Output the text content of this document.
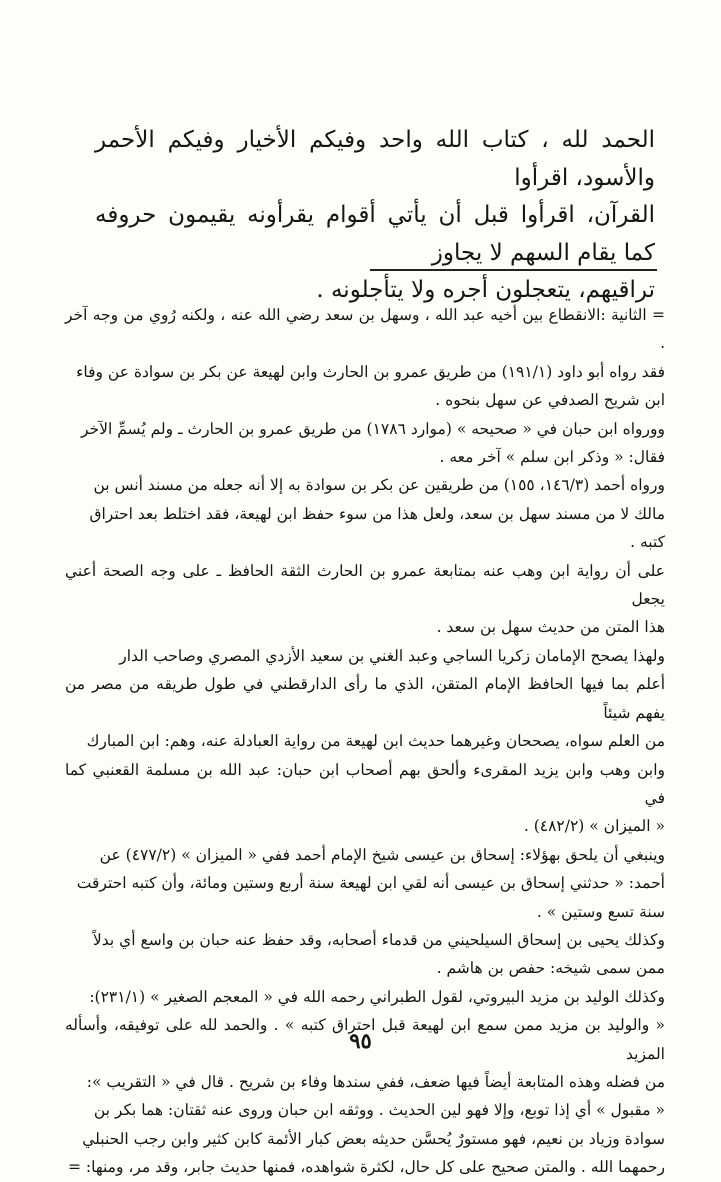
الحمد لله ، كتاب الله واحد وفيكم الأخيار وفيكم الأحمر والأسود، اقرأوا

القرآن، اقرأوا قبل أن يأتي أقوام يقرأونه يقيمون حروفه كما يقام السهم لا يجاوز

تراقيهم، يتعجلون أجره ولا يتأجلونه .

= الثانية :الانقطاع بين أخيه عبد الله ، وسهل بن سعد رضي الله عنه ، ولكنه رُوي من وجه آخر .

فقد رواه أبو داود (١٩١/١) من طريق عمرو بن الحارث وابن لهيعة عن بكر بن سوادة عن وفاء

ابن شريح الصدفي عن سهل بنحوه .

وورواه ابن حبان في « صحيحه » (موارد ١٧٨٦) من طريق عمرو بن الحارث ـ ولم يُسمِّ الآخر

فقال: « وذكر ابن سلم » آخر معه .

ورواه أحمد (١٤٦/٣، ١٥٥) من طريقين عن بكر بن سوادة به إلا أنه جعله من مسند أنس بن

مالك لا من مسند سهل بن سعد، ولعل هذا من سوء حفظ ابن لهيعة، فقد اختلط بعد احتراق

كتبه .

على أن رواية ابن وهب عنه بمتابعة عمرو بن الحارث الثقة الحافظ ـ على وجه الصحة أعني يجعل

هذا المتن من حديث سهل بن سعد .

ولهذا يصحح الإمامان زكريا الساجي وعبد الغني بن سعيد الأزدي المصري وصاحب الدار

أعلم بما فيها الحافظ الإمام المتقن، الذي ما رأى الدارقطني في طول طريقه من مصر من يفهم شيئاً

من العلم سواه، يصححان وغيرهما حديث ابن لهيعة من رواية العبادلة عنه، وهم: ابن المبارك

وابن وهب وابن يزيد المقرىء وألحق بهم أصحاب ابن حبان: عبد الله بن مسلمة القعنبي كما في

« الميزان » (٤٨٢/٢) .

وينبغي أن يلحق بهؤلاء: إسحاق بن عيسى شيخ الإمام أحمد ففي « الميزان » (٤٧٧/٢) عن

أحمد: « حدثني إسحاق بن عيسى أنه لقي ابن لهيعة سنة أربع وستين ومائة، وأن كتبه احترقت

سنة تسع وستين » .

وكذلك يحيى بن إسحاق السيلحيني من قدماء أصحابه، وقد حفظ عنه حبان بن واسع أي بدلاً

ممن سمى شيخه: حفص بن هاشم .

وكذلك الوليد بن مزيد البيروتي، لقول الطبراني رحمه الله في « المعجم الصغير » (٢٣١/١):

« والوليد بن مزيد ممن سمع ابن لهيعة قبل احتراق كتبه » . والحمد لله على توفيقه، وأسأله المزيد

من فضله وهذه المتابعة أيضاً فيها ضعف، ففي سندها وفاء بن شريح . قال في « التقريب »:

« مقبول » أي إذا توبع، وإلا فهو لين الحديث . ووثقه ابن حبان وروى عنه ثقتان: هما بكر بن

سوادة وزياد بن نعيم، فهو مستورٌ يُحسَّن حديثه بعض كبار الأئمة كابن كثير وابن رجب الحنبلي

رحمهما الله . والمتن صحيح على كل حال، لكثرة شواهده، فمنها حديث جابر، وقد مر، ومنها: =

٩٥
